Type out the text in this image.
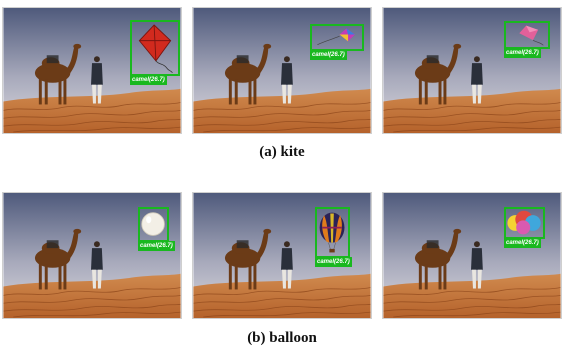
camel(26.7)
camel(26.7)	camel(26.7)
(a) kite
camel(26.7)
camel(26.7)
camel(26.7)
(b) balloon
